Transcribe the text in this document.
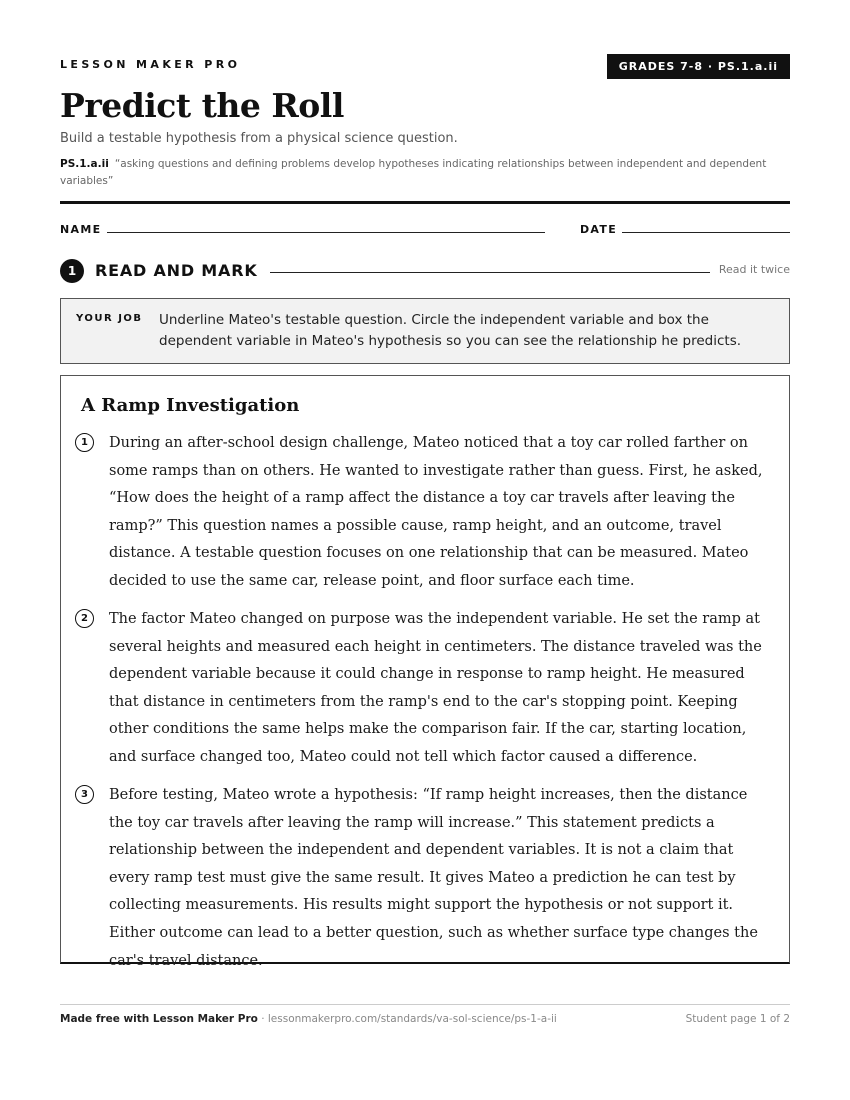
LESSON MAKER PRO	GRADES 7-8 · PS.1.a.ii
Predict the Roll
Build a testable hypothesis from a physical science question.
PS.1.a.ii “asking questions and defining problems develop hypotheses indicating relationships between independent and dependent variables”
NAME	DATE
1	READ AND MARK	Read it twice
YOUR JOB Underline Mateo's testable question. Circle the independent variable and box the dependent variable in Mateo's hypothesis so you can see the relationship he predicts.
A Ramp Investigation
1	During an after-school design challenge, Mateo noticed that a toy car rolled farther on some ramps than on others. He wanted to investigate rather than guess. First, he asked, “How does the height of a ramp affect the distance a toy car travels after leaving the ramp?” This question names a possible cause, ramp height, and an outcome, travel distance. A testable question focuses on one relationship that can be measured. Mateo decided to use the same car, release point, and floor surface each time.
2	The factor Mateo changed on purpose was the independent variable. He set the ramp at several heights and measured each height in centimeters. The distance traveled was the dependent variable because it could change in response to ramp height. He measured that distance in centimeters from the ramp's end to the car's stopping point. Keeping other conditions the same helps make the comparison fair. If the car, starting location, and surface changed too, Mateo could not tell which factor caused a difference.
3	Before testing, Mateo wrote a hypothesis: “If ramp height increases, then the distance the toy car travels after leaving the ramp will increase.” This statement predicts a relationship between the independent and dependent variables. It is not a claim that every ramp test must give the same result. It gives Mateo a prediction he can test by collecting measurements. His results might support the hypothesis or not support it. Either outcome can lead to a better question, such as whether surface type changes the car's travel distance.
Made free with Lesson Maker Pro · lessonmakerpro.com/standards/va-sol-science/ps-1-a-ii	Student page 1 of 2
